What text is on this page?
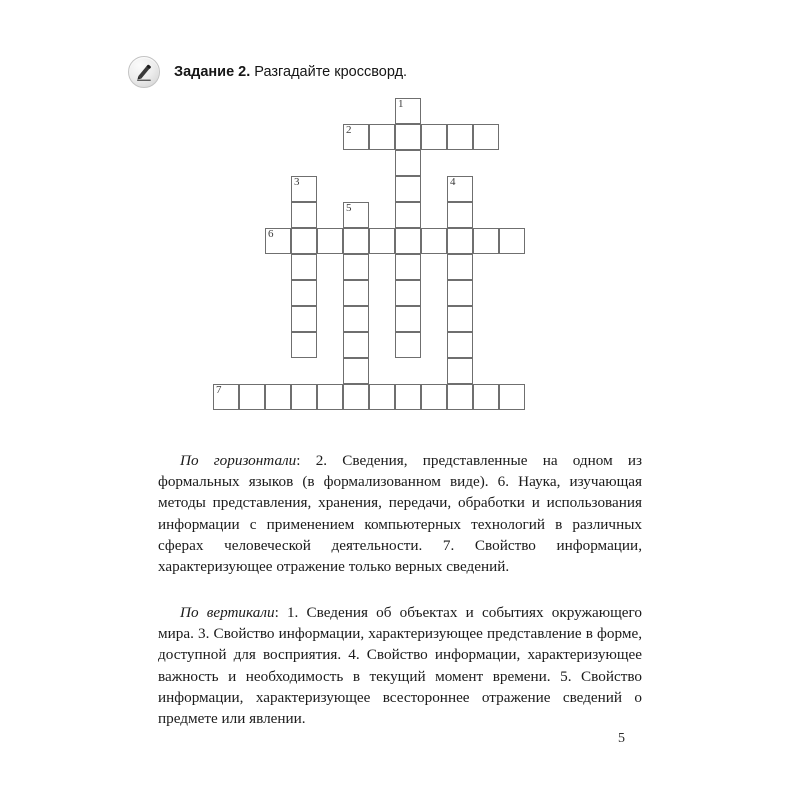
Задание 2. Разгадайте кроссворд.
2
6
7
1
3	4
5
По горизонтали: 2. Сведения, представленные на одном из формальных языков (в формализованном виде). 6. Наука, изучающая методы представления, хранения, передачи, обработки и использования информации с применением компьютерных технологий в различных сферах человеческой деятельности. 7. Свойство информации, характеризующее отражение только верных сведений.
По вертикали: 1. Сведения об объектах и событиях окружающего мира. 3. Свойство информации, характеризующее представление в форме, доступной для восприятия. 4. Свойство информации, характеризующее важность и необходимость в текущий момент времени. 5. Свойство информации, характеризующее всестороннее отражение сведений о предмете или явлении.
5
